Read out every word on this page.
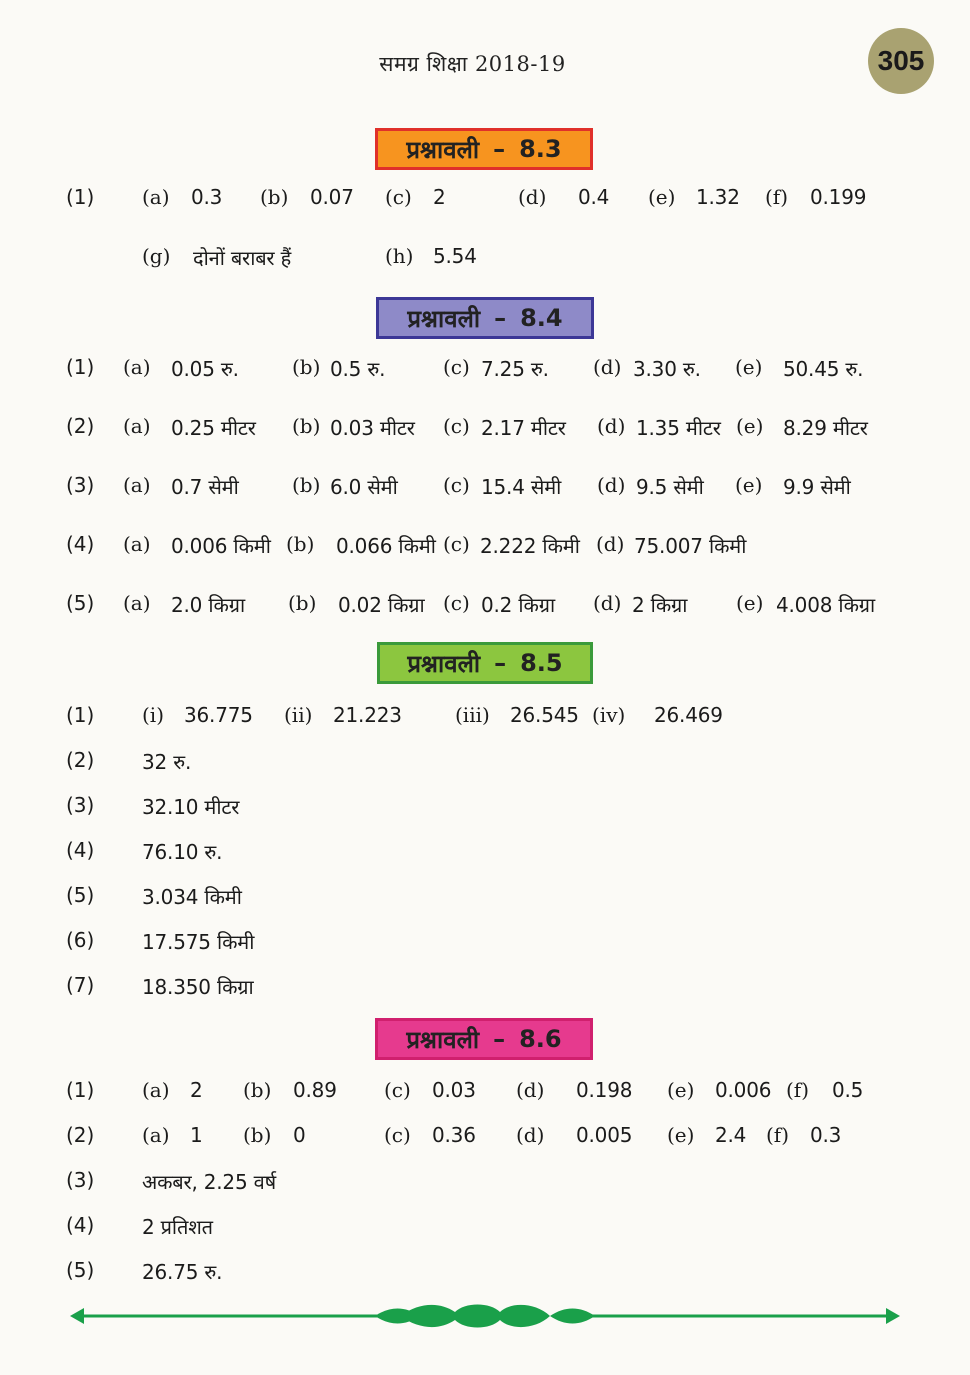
समग्र शिक्षा 2018-19	305
प्रश्नावली – 8.3
(1) (a) 0.3 (b) 0.07 (c) 2	(d) 0.4 (e) 1.32 (f) 0.199
(g) दोनों बराबर हैं	(h) 5.54
प्रश्नावली – 8.4
(1) (a) 0.05 रु.	(b) 0.5 रु.	(c) 7.25 रु. (d) 3.30 रु. (e) 50.45 रु.
(2) (a) 0.25 मीटर (b) 0.03 मीटर (c) 2.17 मीटर (d) 1.35 मीटर (e) 8.29 मीटर
(3) (a) 0.7 सेमी	(b) 6.0 सेमी (c) 15.4 सेमी (d) 9.5 सेमी (e) 9.9 सेमी
(4) (a) 0.006 किमी (b) 0.066 किमी (c) 2.222 किमी (d) 75.007 किमी
(5) (a) 2.0 किग्रा (b) 0.02 किग्रा (c) 0.2 किग्रा (d) 2 किग्रा (e) 4.008 किग्रा
प्रश्नावली – 8.5
(1) (i) 36.775 (ii) 21.223	(iii) 26.545 (iv) 26.469
(2) 32 रु.
(3) 32.10 मीटर
(4) 76.10 रु.
(5) 3.034 किमी
(6) 17.575 किमी
(7) 18.350 किग्रा
प्रश्नावली – 8.6
(1) (a) 2 (b) 0.89 (c) 0.03 (d) 0.198 (e) 0.006 (f) 0.5
(2) (a) 1 (b) 0	(c) 0.36 (d) 0.005 (e) 2.4 (f) 0.3
(3) अकबर, 2.25 वर्ष
(4) 2 प्रतिशत
(5) 26.75 रु.
